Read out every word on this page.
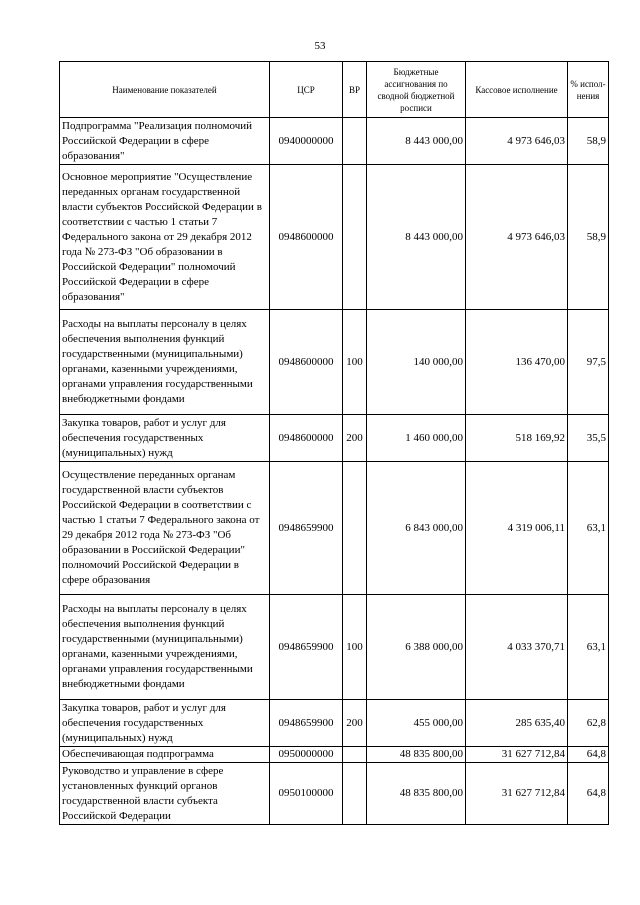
53
Наименование показателей	ЦСР	ВР	Бюджетные ассигнования по сводной бюджетной росписи	Кассовое исполнение	% испол-нения
Подпрограмма "Реализация полномочий Российской Федерации в сфере образования"	0940000000		8 443 000,00	4 973 646,03	58,9
Основное мероприятие "Осуществление переданных органам государственной власти субъектов Российской Федерации в соответствии с частью 1 статьи 7 Федерального закона от 29 декабря 2012 года № 273-ФЗ "Об образовании в Российской Федерации" полномочий Российской Федерации в сфере образования"	0948600000		8 443 000,00	4 973 646,03	58,9
Расходы на выплаты персоналу в целях обеспечения выполнения функций государственными (муниципальными) органами, казенными учреждениями, органами управления государственными внебюджетными фондами	0948600000	100	140 000,00	136 470,00	97,5
Закупка товаров, работ и услуг для обеспечения государственных (муниципальных) нужд	0948600000	200	1 460 000,00	518 169,92	35,5
Осуществление переданных органам государственной власти субъектов Российской Федерации в соответствии с частью 1 статьи 7 Федерального закона от 29 декабря 2012 года № 273-ФЗ "Об образовании в Российской Федерации" полномочий Российской Федерации в сфере образования	0948659900		6 843 000,00	4 319 006,11	63,1
Расходы на выплаты персоналу в целях обеспечения выполнения функций государственными (муниципальными) органами, казенными учреждениями, органами управления государственными внебюджетными фондами	0948659900	100	6 388 000,00	4 033 370,71	63,1
Закупка товаров, работ и услуг для обеспечения государственных (муниципальных) нужд	0948659900	200	455 000,00	285 635,40	62,8
Обеспечивающая подпрограмма	0950000000		48 835 800,00	31 627 712,84	64,8
Руководство и управление в сфере установленных функций органов государственной власти субъекта Российской Федерации	0950100000		48 835 800,00	31 627 712,84	64,8
